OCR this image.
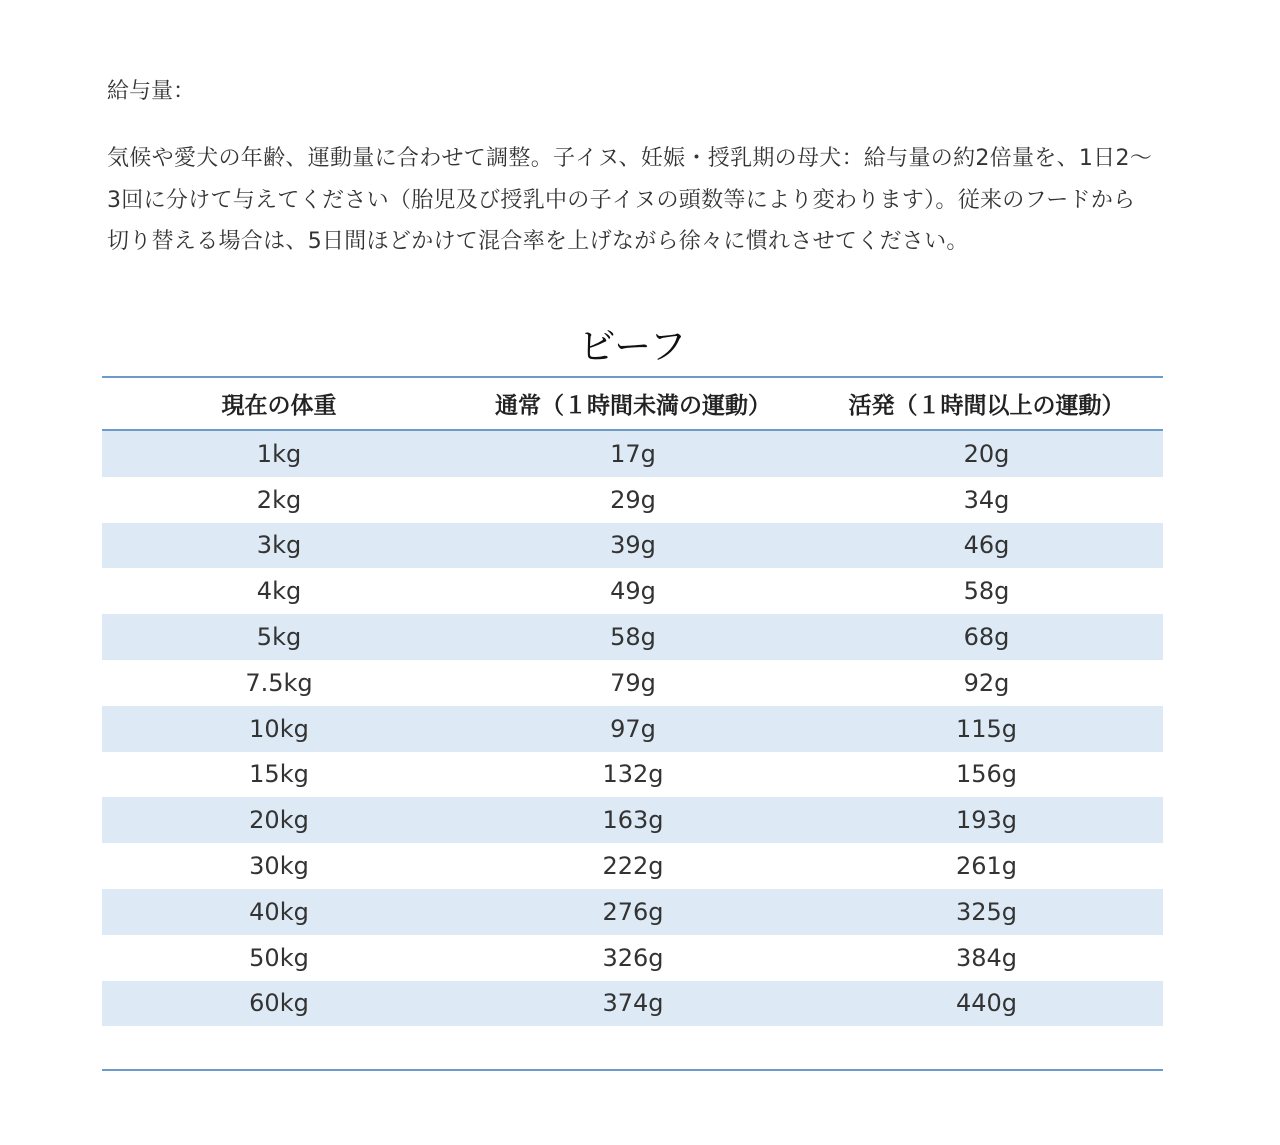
給与量：
気候や愛犬の年齢、運動量に合わせて調整。子イヌ、妊娠・授乳期の母犬：給与量の約2倍量を、1日2〜3回に分けて与えてください（胎児及び授乳中の子イヌの頭数等により変わります）。従来のフードから切り替える場合は、5日間ほどかけて混合率を上げながら徐々に慣れさせてください。
ビーフ
現在の体重	通常（１時間未満の運動）	活発（１時間以上の運動）
1kg	17g	20g
2kg	29g	34g
3kg	39g	46g
4kg	49g	58g
5kg	58g	68g
7.5kg	79g	92g
10kg	97g	115g
15kg	132g	156g
20kg	163g	193g
30kg	222g	261g
40kg	276g	325g
50kg	326g	384g
60kg	374g	440g
